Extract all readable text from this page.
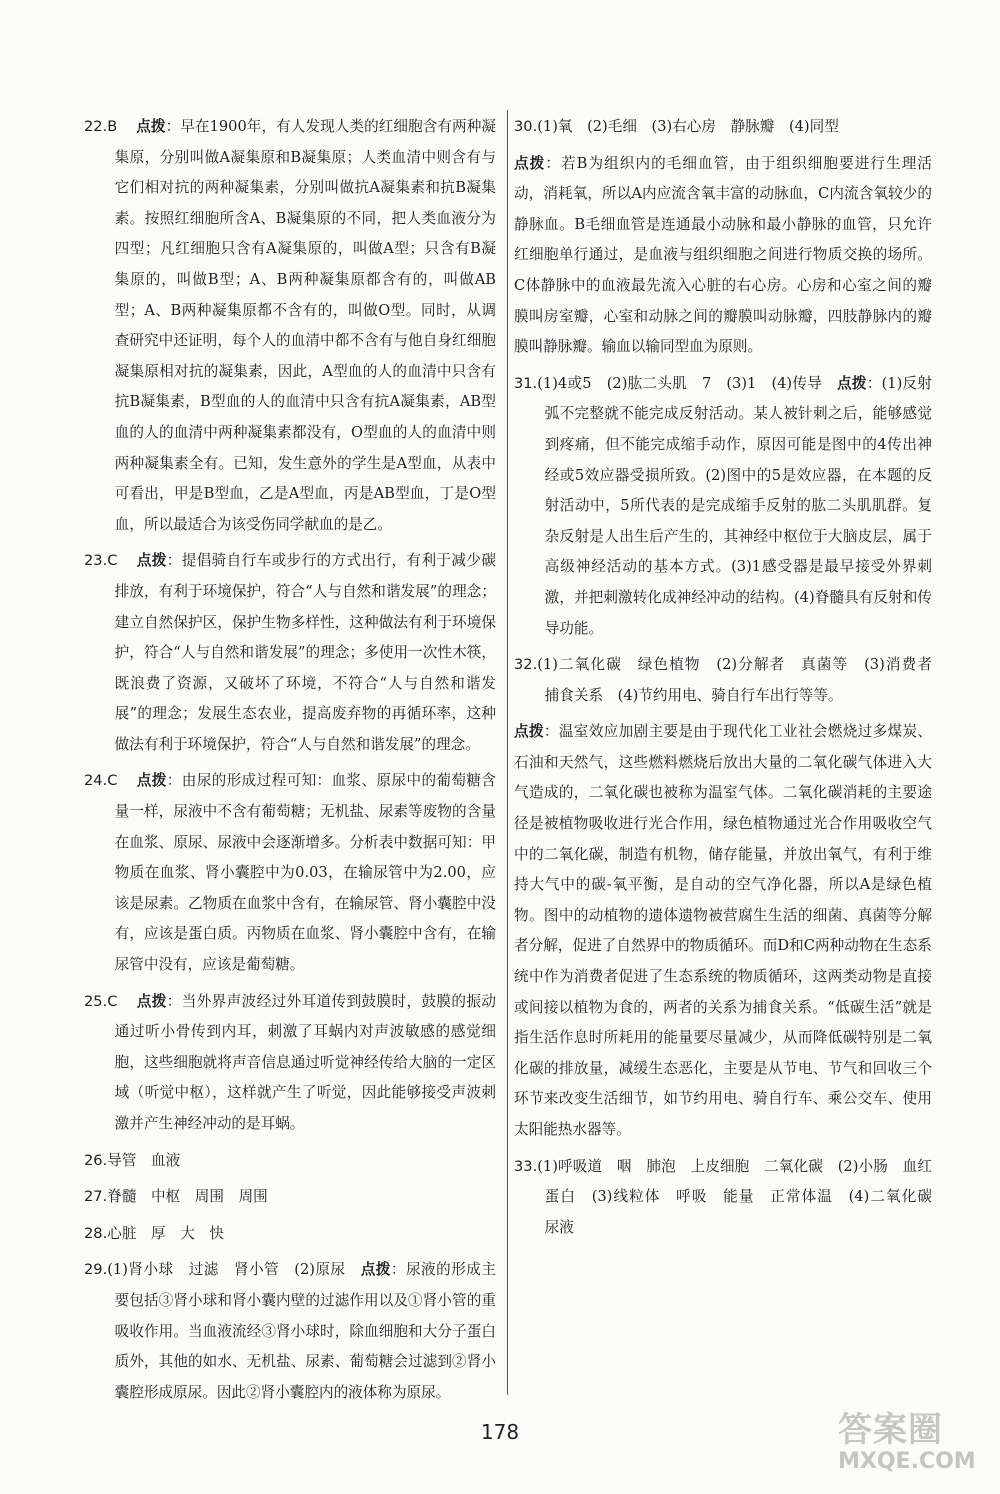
22.B 点拨：早在1900年，有人发现人类的红细胞含有两种凝集原，分别叫做A凝集原和B凝集原；人类血清中则含有与它们相对抗的两种凝集素，分别叫做抗A凝集素和抗B凝集素。按照红细胞所含A、B凝集原的不同，把人类血液分为四型；凡红细胞只含有A凝集原的，叫做A型；只含有B凝集原的，叫做B型；A、B两种凝集原都含有的，叫做AB型；A、B两种凝集原都不含有的，叫做O型。同时，从调查研究中还证明，每个人的血清中都不含有与他自身红细胞凝集原相对抗的凝集素，因此，A型血的人的血清中只含有抗B凝集素，B型血的人的血清中只含有抗A凝集素，AB型血的人的血清中两种凝集素都没有，O型血的人的血清中则两种凝集素全有。已知，发生意外的学生是A型血，从表中可看出，甲是B型血，乙是A型血，丙是AB型血，丁是O型血，所以最适合为该受伤同学献血的是乙。

23.C 点拨：提倡骑自行车或步行的方式出行，有利于减少碳排放，有利于环境保护，符合“人与自然和谐发展”的理念；建立自然保护区，保护生物多样性，这种做法有利于环境保护，符合“人与自然和谐发展”的理念；多使用一次性木筷，既浪费了资源，又破坏了环境，不符合“人与自然和谐发展”的理念；发展生态农业，提高废弃物的再循环率，这种做法有利于环境保护，符合“人与自然和谐发展”的理念。

24.C 点拨：由尿的形成过程可知：血浆、原尿中的葡萄糖含量一样，尿液中不含有葡萄糖；无机盐、尿素等废物的含量在血浆、原尿、尿液中会逐渐增多。分析表中数据可知：甲物质在血浆、肾小囊腔中为0.03，在输尿管中为2.00，应该是尿素。乙物质在血浆中含有，在输尿管、肾小囊腔中没有，应该是蛋白质。丙物质在血浆、肾小囊腔中含有，在输尿管中没有，应该是葡萄糖。

25.C 点拨：当外界声波经过外耳道传到鼓膜时，鼓膜的振动通过听小骨传到内耳，刺激了耳蜗内对声波敏感的感觉细胞，这些细胞就将声音信息通过听觉神经传给大脑的一定区域（听觉中枢），这样就产生了听觉，因此能够接受声波刺激并产生神经冲动的是耳蜗。

26.导管　血液

27.脊髓　中枢　周围　周围

28.心脏　厚　大　快

29.(1)肾小球　过滤　肾小管　(2)原尿　 点拨：尿液的形成主要包括③肾小球和肾小囊内壁的过滤作用以及①肾小管的重吸收作用。当血液流经③肾小球时，除血细胞和大分子蛋白质外，其他的如水、无机盐、尿素、葡萄糖会过滤到②肾小囊腔形成原尿。因此②肾小囊腔内的液体称为原尿。

30.(1)氧　(2)毛细　(3)右心房　静脉瓣　(4)同型

点拨：若B为组织内的毛细血管，由于组织细胞要进行生理活动，消耗氧，所以A内应流含氧丰富的动脉血，C内流含氧较少的静脉血。B毛细血管是连通最小动脉和最小静脉的血管，只允许红细胞单行通过，是血液与组织细胞之间进行物质交换的场所。C体静脉中的血液最先流入心脏的右心房。心房和心室之间的瓣膜叫房室瓣，心室和动脉之间的瓣膜叫动脉瓣，四肢静脉内的瓣膜叫静脉瓣。输血以输同型血为原则。

31.(1)4或5　(2)肱二头肌　7　(3)1　(4)传导　 点拨：(1)反射弧不完整就不能完成反射活动。某人被针刺之后，能够感觉到疼痛，但不能完成缩手动作，原因可能是图中的4传出神经或5效应器受损所致。(2)图中的5是效应器，在本题的反射活动中，5所代表的是完成缩手反射的肱二头肌肌群。复杂反射是人出生后产生的，其神经中枢位于大脑皮层，属于高级神经活动的基本方式。(3)1感受器是最早接受外界刺激，并把刺激转化成神经冲动的结构。(4)脊髓具有反射和传导功能。

32.(1)二氧化碳　绿色植物　(2)分解者　真菌等　(3)消费者　捕食关系　(4)节约用电、骑自行车出行等等。

点拨：温室效应加剧主要是由于现代化工业社会燃烧过多煤炭、石油和天然气，这些燃料燃烧后放出大量的二氧化碳气体进入大气造成的，二氧化碳也被称为温室气体。二氧化碳消耗的主要途径是被植物吸收进行光合作用，绿色植物通过光合作用吸收空气中的二氧化碳，制造有机物，储存能量，并放出氧气，有利于维持大气中的碳-氧平衡，是自动的空气净化器，所以A是绿色植物。图中的动植物的遗体遗物被营腐生生活的细菌、真菌等分解者分解，促进了自然界中的物质循环。而D和C两种动物在生态系统中作为消费者促进了生态系统的物质循环，这两类动物是直接或间接以植物为食的，两者的关系为捕食关系。“低碳生活”就是指生活作息时所耗用的能量要尽量减少，从而降低碳特别是二氧化碳的排放量，减缓生态恶化，主要是从节电、节气和回收三个环节来改变生活细节，如节约用电、骑自行车、乘公交车、使用太阳能热水器等。

33.(1)呼吸道　咽　肺泡　上皮细胞　二氧化碳　(2)小肠　血红蛋白　(3)线粒体　呼吸　能量　正常体温　(4)二氧化碳　尿液

178	答案圈
MXQE.COM
